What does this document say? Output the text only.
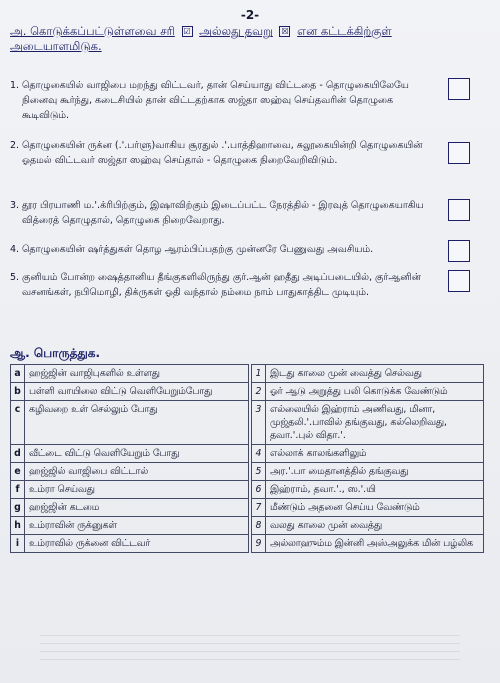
-2-
அ. கொடுக்கப்பட்டுள்ளவை சரி ☑ அல்லது தவறு ☒ என கட்டக்கிற்குள்
அடையாளமிடுக.
1. தொழுகையில் வாஜிபை மறந்து விட்டவர், தான் செய்யாது விட்டதை - தொழுகையிலேயே நினைவு கூர்ந்து, கடைசியில் தான் விட்டதற்காக ஸஜ்தா ஸஹ்வு செய்தவரின் தொழுகை கூடிவிடும்.
2. தொழுகையின் ருக்ன (.'.பர்ளு)வாகிய சூரதுல் .'.பாத்திஹாவை, சுலூகையின்றி தொழுகையின் ஓதமல் விட்டவர் ஸஜ்தா ஸஹ்வு செய்தால் - தொழுகை நிறைவேறிவிடும்.
3. தூர பிரயாணி ம.'.க்ரிபிற்கும், இஷாவிற்கும் இடைப்பட்ட நேரத்தில் - இரவுத் தொழுகையாகிய வித்ரைத் தொழுதால், தொழுகை நிறைவேறாது.
4. தொழுகையின் ஷர்த்துகள் தொழ ஆரம்பிப்பதற்கு முன்னரே பேணுவது அவசியம்.
5. குனியம் போன்ற ஷைத்தானிய தீங்குகளிலிருந்து குர்.ஆன் ஹதீது அடிப்படையில், குர்ஆனின் வசனங்கள், நபிமொழி, திக்ருகள் ஓதி வந்தால் நம்மை நாம் பாதுகாத்திட முடியும்.
ஆ. பொருத்துக.
a	ஹஜ்ஜின் வாஜிபுகளில் உள்ளது		1	இடது காலை முன் வைத்து செல்வது
b	பள்ளி வாயிலை விட்டு வெளியேறும்போது		2	ஓர் ஆடு அறுத்து பலி கொடுக்க வேண்டும்
c	கழிவறை உள் செல்லும் போது		3	எல்லையில் இஹ்ராம் அணிவது, மினா, முஜ்தலி.'.பாவில் தங்குவது, கல்லெறிவது, தவா.'.புல் விதா.'.
d	வீட்டை விட்டு வெளியேறும் போது		4	எல்லாக் காலங்களிலும்
e	ஹஜ்ஜில் வாஜிபை விட்டால்		5	அர.'.பா மைதானத்தில் தங்குவது
f	உம்ரா செய்வது		6	இஹ்ராம், தவா.'., ஸ.'.யி
g	ஹஜ்ஜின் கடமை		7	மீண்டும் அதனை செய்ய வேண்டும்
h	உம்ராவின் ருக்னுகள்		8	வலது காலை முன் வைத்து
i	உம்ராவில் ருக்னை விட்டவர்		9	அல்லாஹும்ம இன்னி அஸ்அலுக்க மின் பழ்லிக
